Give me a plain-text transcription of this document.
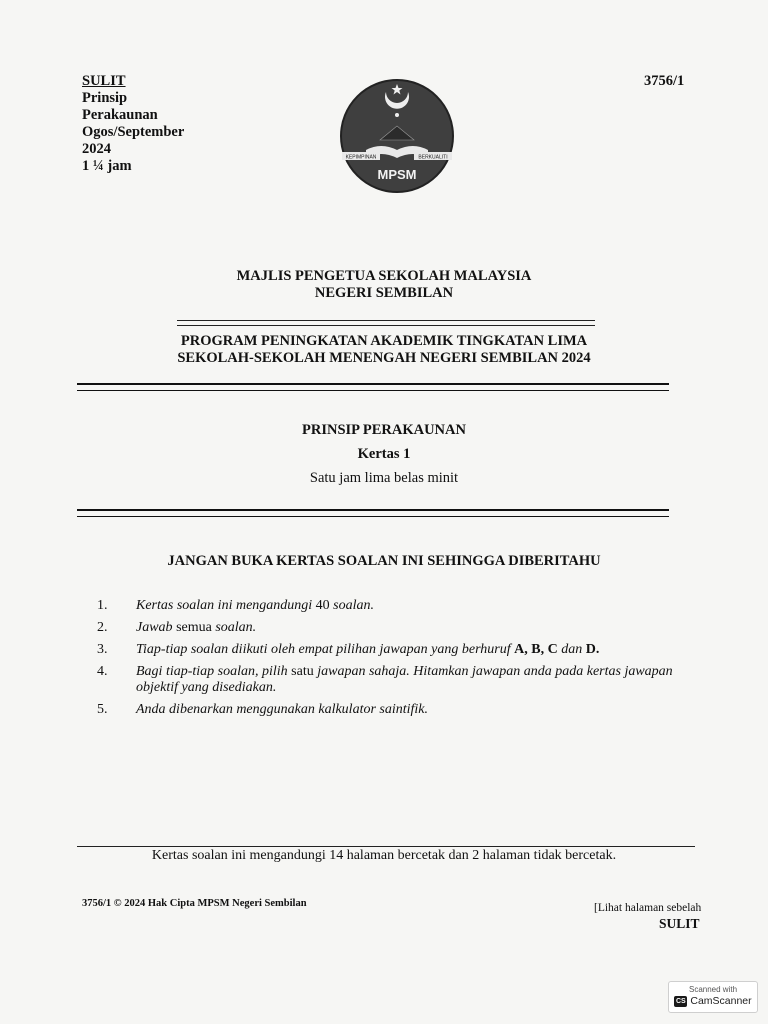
SULIT
Prinsip
Perakaunan
Ogos/September
2024
1 ¼ jam
3756/1
KEPIMPINAN	BERKUALITI
MPSM
MAJLIS PENGETUA SEKOLAH MALAYSIA
NEGERI SEMBILAN
PROGRAM PENINGKATAN AKADEMIK TINGKATAN LIMA
SEKOLAH-SEKOLAH MENENGAH NEGERI SEMBILAN 2024
PRINSIP PERAKAUNAN
Kertas 1
Satu jam lima belas minit
JANGAN BUKA KERTAS SOALAN INI SEHINGGA DIBERITAHU
1.	Kertas soalan ini mengandungi 40 soalan.
2.	Jawab semua soalan.
3.	Tiap-tiap soalan diikuti oleh empat pilihan jawapan yang berhuruf A, B, C dan D.
4.	Bagi tiap-tiap soalan, pilih satu jawapan sahaja. Hitamkan jawapan anda pada kertas jawapan objektif yang disediakan.
5.	Anda dibenarkan menggunakan kalkulator saintifik.
Kertas soalan ini mengandungi 14 halaman bercetak dan 2 halaman tidak bercetak.
3756/1 © 2024 Hak Cipta MPSM Negeri Sembilan	[Lihat halaman sebelah
SULIT
Scanned with
CS CamScanner
